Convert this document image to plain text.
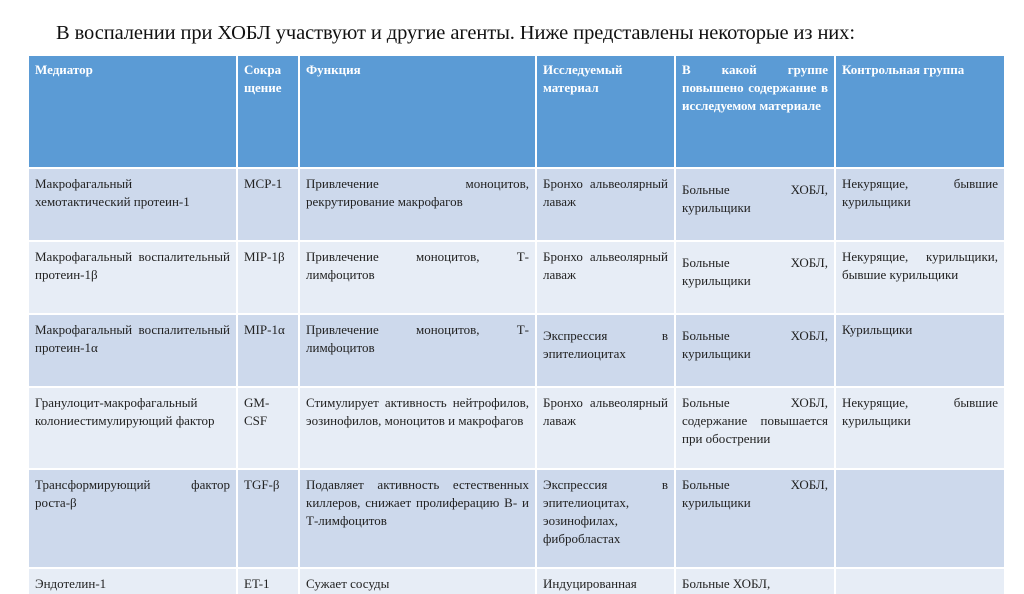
В воспалении при ХОБЛ участвуют и другие агенты. Ниже представлены некоторые из них:
Медиатор	Сокра щение	Функция	Исследуемый материал	В какой группе повышено содержание в исследуемом материале	Контрольная группа
Макрофагальный хемотактический протеин-1	MCP-1	Привлечение моноцитов, рекрутирование макрофагов	Бронхо альвеолярный лаваж	Больные ХОБЛ, курильщики	Некурящие, бывшие курильщики
Макрофагальный воспалительный протеин-1β	MIP-1β	Привлечение моноцитов, Т-лимфоцитов	Бронхо альвеолярный лаваж	Больные ХОБЛ, курильщики	Некурящие, курильщики, бывшие курильщики
Макрофагальный воспалительный протеин-1α	MIP-1α	Привлечение моноцитов, Т-лимфоцитов	Экспрессия в эпителиоцитах	Больные ХОБЛ, курильщики	Курильщики
Гранулоцит-макрофагальный колониестимулирующий фактор	GM-CSF	Стимулирует активность нейтрофилов, эозинофилов, моноцитов и макрофагов	Бронхо альвеолярный лаваж	Больные ХОБЛ, содержание повышается при обострении	Некурящие, бывшие курильщики
Трансформирующий фактор роста-β	TGF-β	Подавляет активность естественных киллеров, снижает пролиферацию В- и Т-лимфоцитов	Экспрессия в эпителиоцитах, эозинофилах, фибробластах	Больные ХОБЛ, курильщики	
Эндотелин-1	ET-1	Сужает сосуды	Индуцированная	Больные ХОБЛ,	
